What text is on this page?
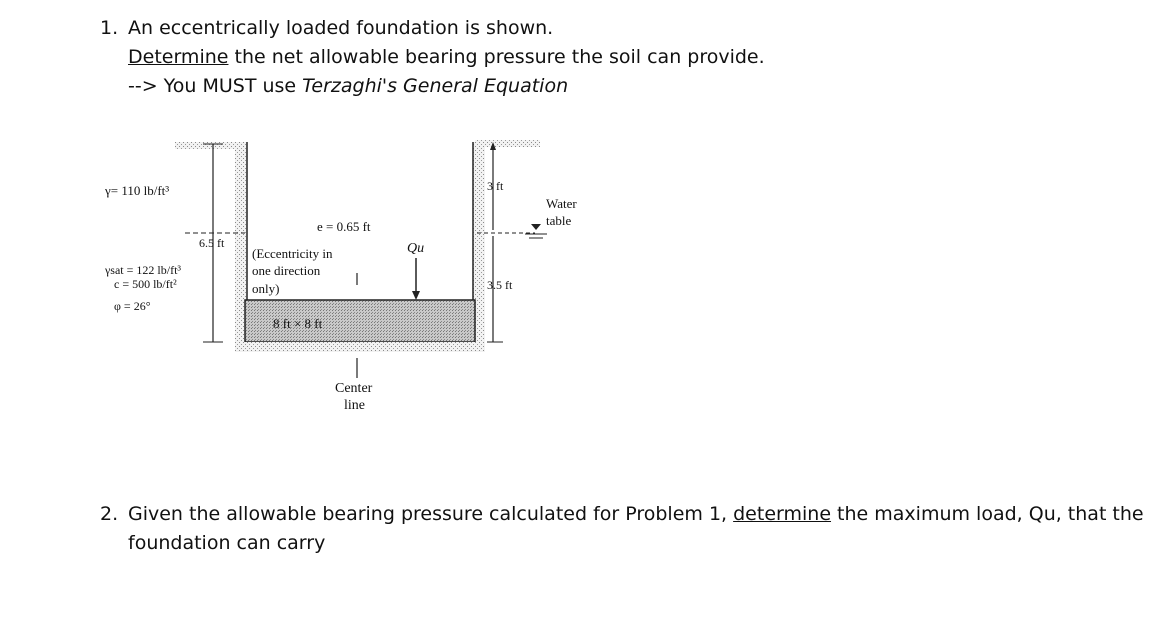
1. An eccentrically loaded foundation is shown.
Determine the net allowable bearing pressure the soil can provide.
--> You MUST use Terzaghi's General Equation
γ= 110 lb/ft³
γsat = 122 lb/ft³
c = 500 lb/ft²
φ = 26°
6.5 ft
e = 0.65 ft
(Eccentricity in
one direction
only)
Qu
8 ft × 8 ft
3 ft
Water
table
3.5 ft
Center
line
2. Given the allowable bearing pressure calculated for Problem 1, determine the maximum load, Qu, that the
foundation can carry
